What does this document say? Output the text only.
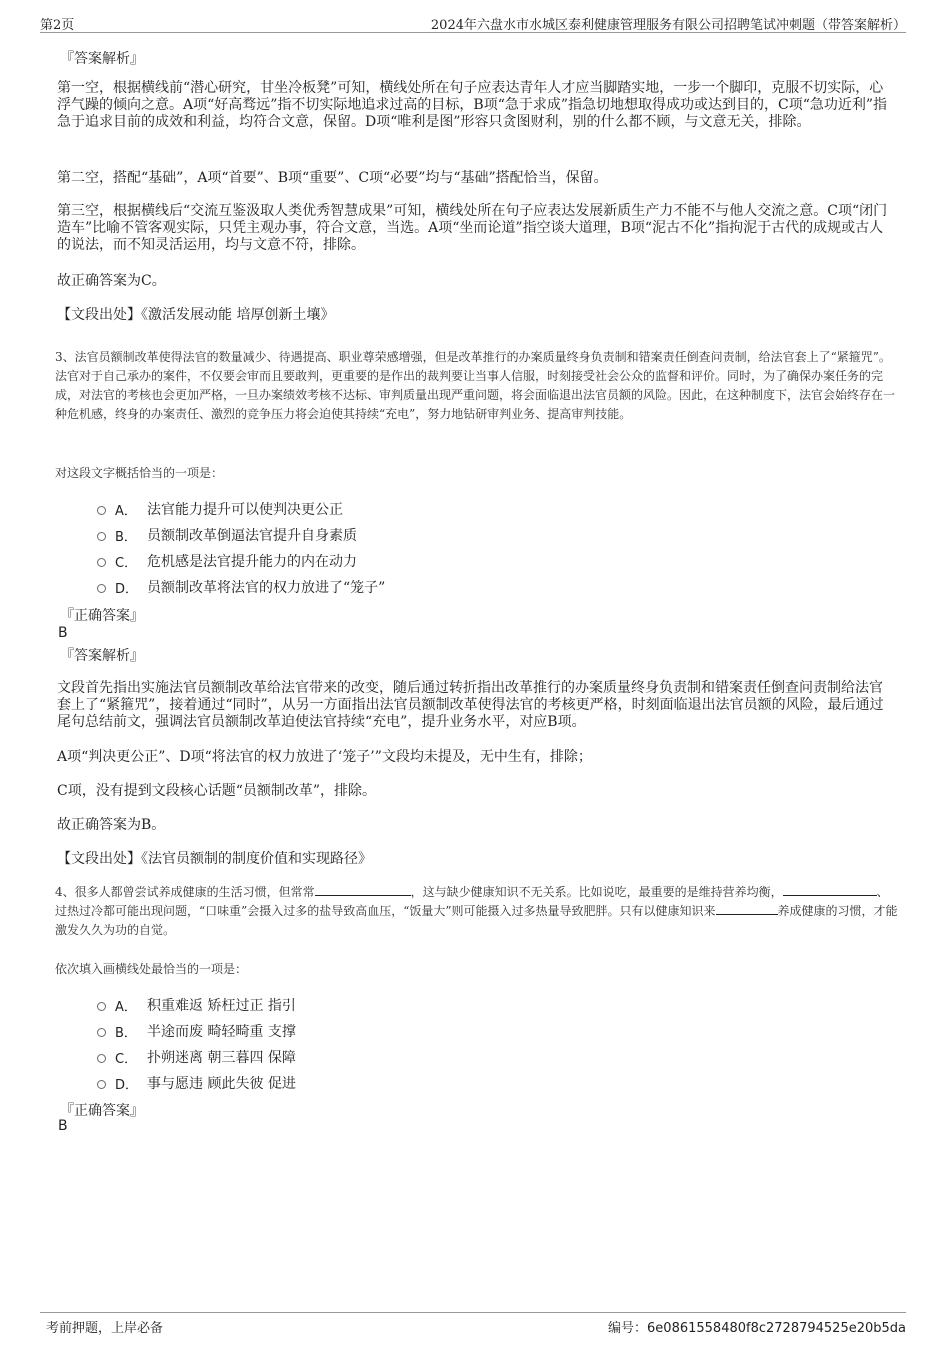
第2页	2024年六盘水市水城区泰利健康管理服务有限公司招聘笔试冲刺题（带答案解析）

『答案解析』

第一空，根据横线前“潜心研究，甘坐冷板凳”可知，横线处所在句子应表达青年人才应当脚踏实地，一步一个脚印，克服不切实际，心浮气躁的倾向之意。A项“好高骛远”指不切实际地追求过高的目标，B项“急于求成”指急切地想取得成功或达到目的，C项“急功近利”指急于追求目前的成效和利益，均符合文意，保留。D项“唯利是图”形容只贪图财利，别的什么都不顾，与文意无关，排除。

第二空，搭配“基础”，A项“首要”、B项“重要”、C项“必要”均与“基础”搭配恰当，保留。

第三空，根据横线后“交流互鉴汲取人类优秀智慧成果”可知，横线处所在句子应表达发展新质生产力不能不与他人交流之意。C项“闭门造车”比喻不管客观实际，只凭主观办事，符合文意，当选。A项“坐而论道”指空谈大道理，B项“泥古不化”指拘泥于古代的成规或古人的说法，而不知灵活运用，均与文意不符，排除。

故正确答案为C。

【文段出处】《激活发展动能 培厚创新土壤》

3、法官员额制改革使得法官的数量减少、待遇提高、职业尊荣感增强，但是改革推行的办案质量终身负责制和错案责任倒查问责制，给法官套上了“紧箍咒”。法官对于自己承办的案件，不仅要会审而且要敢判，更重要的是作出的裁判要让当事人信服，时刻接受社会公众的监督和评价。同时，为了确保办案任务的完成，对法官的考核也会更加严格，一旦办案绩效考核不达标、审判质量出现严重问题，将会面临退出法官员额的风险。因此，在这种制度下，法官会始终存在一种危机感，终身的办案责任、激烈的竞争压力将会迫使其持续“充电”，努力地钻研审判业务、提高审判技能。

对这段文字概括恰当的一项是：

A． 法官能力提升可以使判决更公正
B． 员额制改革倒逼法官提升自身素质
C． 危机感是法官提升能力的内在动力
D． 员额制改革将法官的权力放进了“笼子”

『正确答案』

B

『答案解析』

文段首先指出实施法官员额制改革给法官带来的改变，随后通过转折指出改革推行的办案质量终身负责制和错案责任倒查问责制给法官套上了“紧箍咒”，接着通过“同时”，从另一方面指出法官员额制改革使得法官的考核更严格，时刻面临退出法官员额的风险，最后通过尾句总结前文，强调法官员额制改革迫使法官持续“充电”，提升业务水平，对应B项。

A项“判决更公正”、D项“将法官的权力放进了‘笼子’”文段均未提及，无中生有，排除；

C项，没有提到文段核心话题“员额制改革”，排除。

故正确答案为B。

【文段出处】《法官员额制的制度价值和实现路径》

4、很多人都曾尝试养成健康的生活习惯，但常常	，这与缺少健康知识不无关系。比如说吃，最重要的是维持营养均衡，	、过热过冷都可能出现问题，“口味重”会摄入过多的盐导致高血压，“饭量大”则可能摄入过多热量导致肥胖。只有以健康知识来	养成健康的习惯，才能激发久久为功的自觉。

依次填入画横线处最恰当的一项是：

A． 积重难返 矫枉过正 指引
B． 半途而废 畸轻畸重 支撑
C． 扑朔迷离 朝三暮四 保障
D． 事与愿违 顾此失彼 促进

『正确答案』

B

考前押题，上岸必备	编号：6e0861558480f8c2728794525e20b5da
